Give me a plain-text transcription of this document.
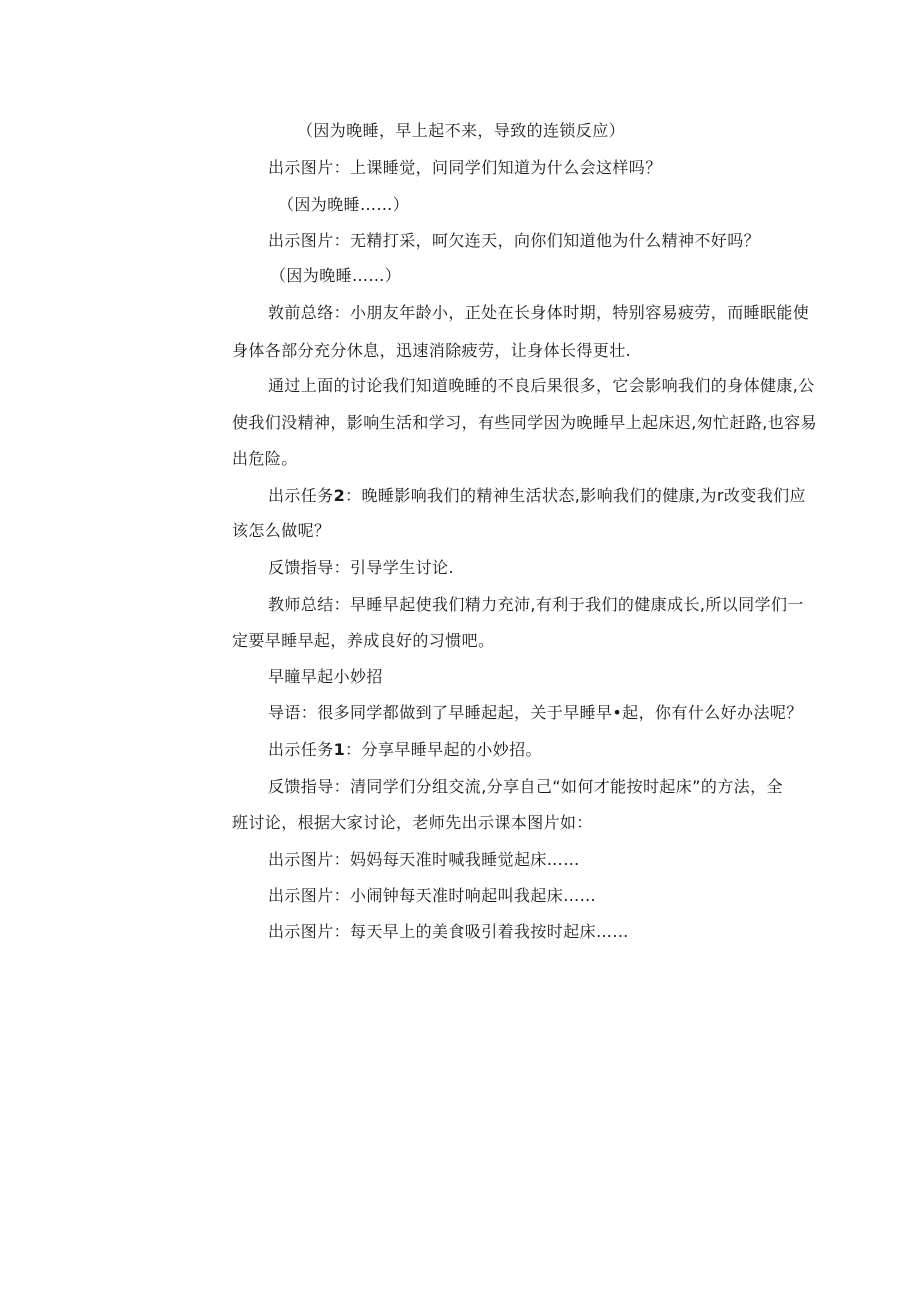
（因为晚睡，早上起不来，导致的连锁反应）

出示图片：上课睡觉，问同学们知道为什么会这样吗？

（因为晚睡……）

出示图片：无精打采，呵欠连天，向你们知道他为什么精神不好吗？

（因为晚睡……）

敦前总络：小朋友年龄小，正处在长身体时期，特别容易疲劳，而睡眠能使

身体各部分充分休息，迅速消除疲劳，让身体长得更壮.

通过上面的讨论我们知道晚睡的不良后果很多，它会影响我们的身体健康,公

使我们没精神，影响生活和学习，有些同学因为晚睡早上起床迟,匆忙赶路,也容易

出危险。

出示任务2：晚睡影响我们的精神生活状态,影响我们的健康,为r改变我们应

该怎么做呢？

反馈指导：引导学生讨论.

教师总结：早睡早起使我们精力充沛,有利于我们的健康成长,所以同学们一

定要早睡早起，养成良好的习惯吧。

早瞳早起小妙招

导语：很多同学都做到了早睡起起，关于早睡早•起，你有什么好办法呢？

出示任务1：分享早睡早起的小妙招。

反馈指导：清同学们分组交流,分享自己“如何才能按时起床”的方法，全

班讨论，根据大家讨论，老师先出示课本图片如：

出示图片：妈妈每天准时喊我睡觉起床……

出示图片：小闹钟每天准时响起叫我起床……

出示图片：每天早上的美食吸引着我按时起床……
